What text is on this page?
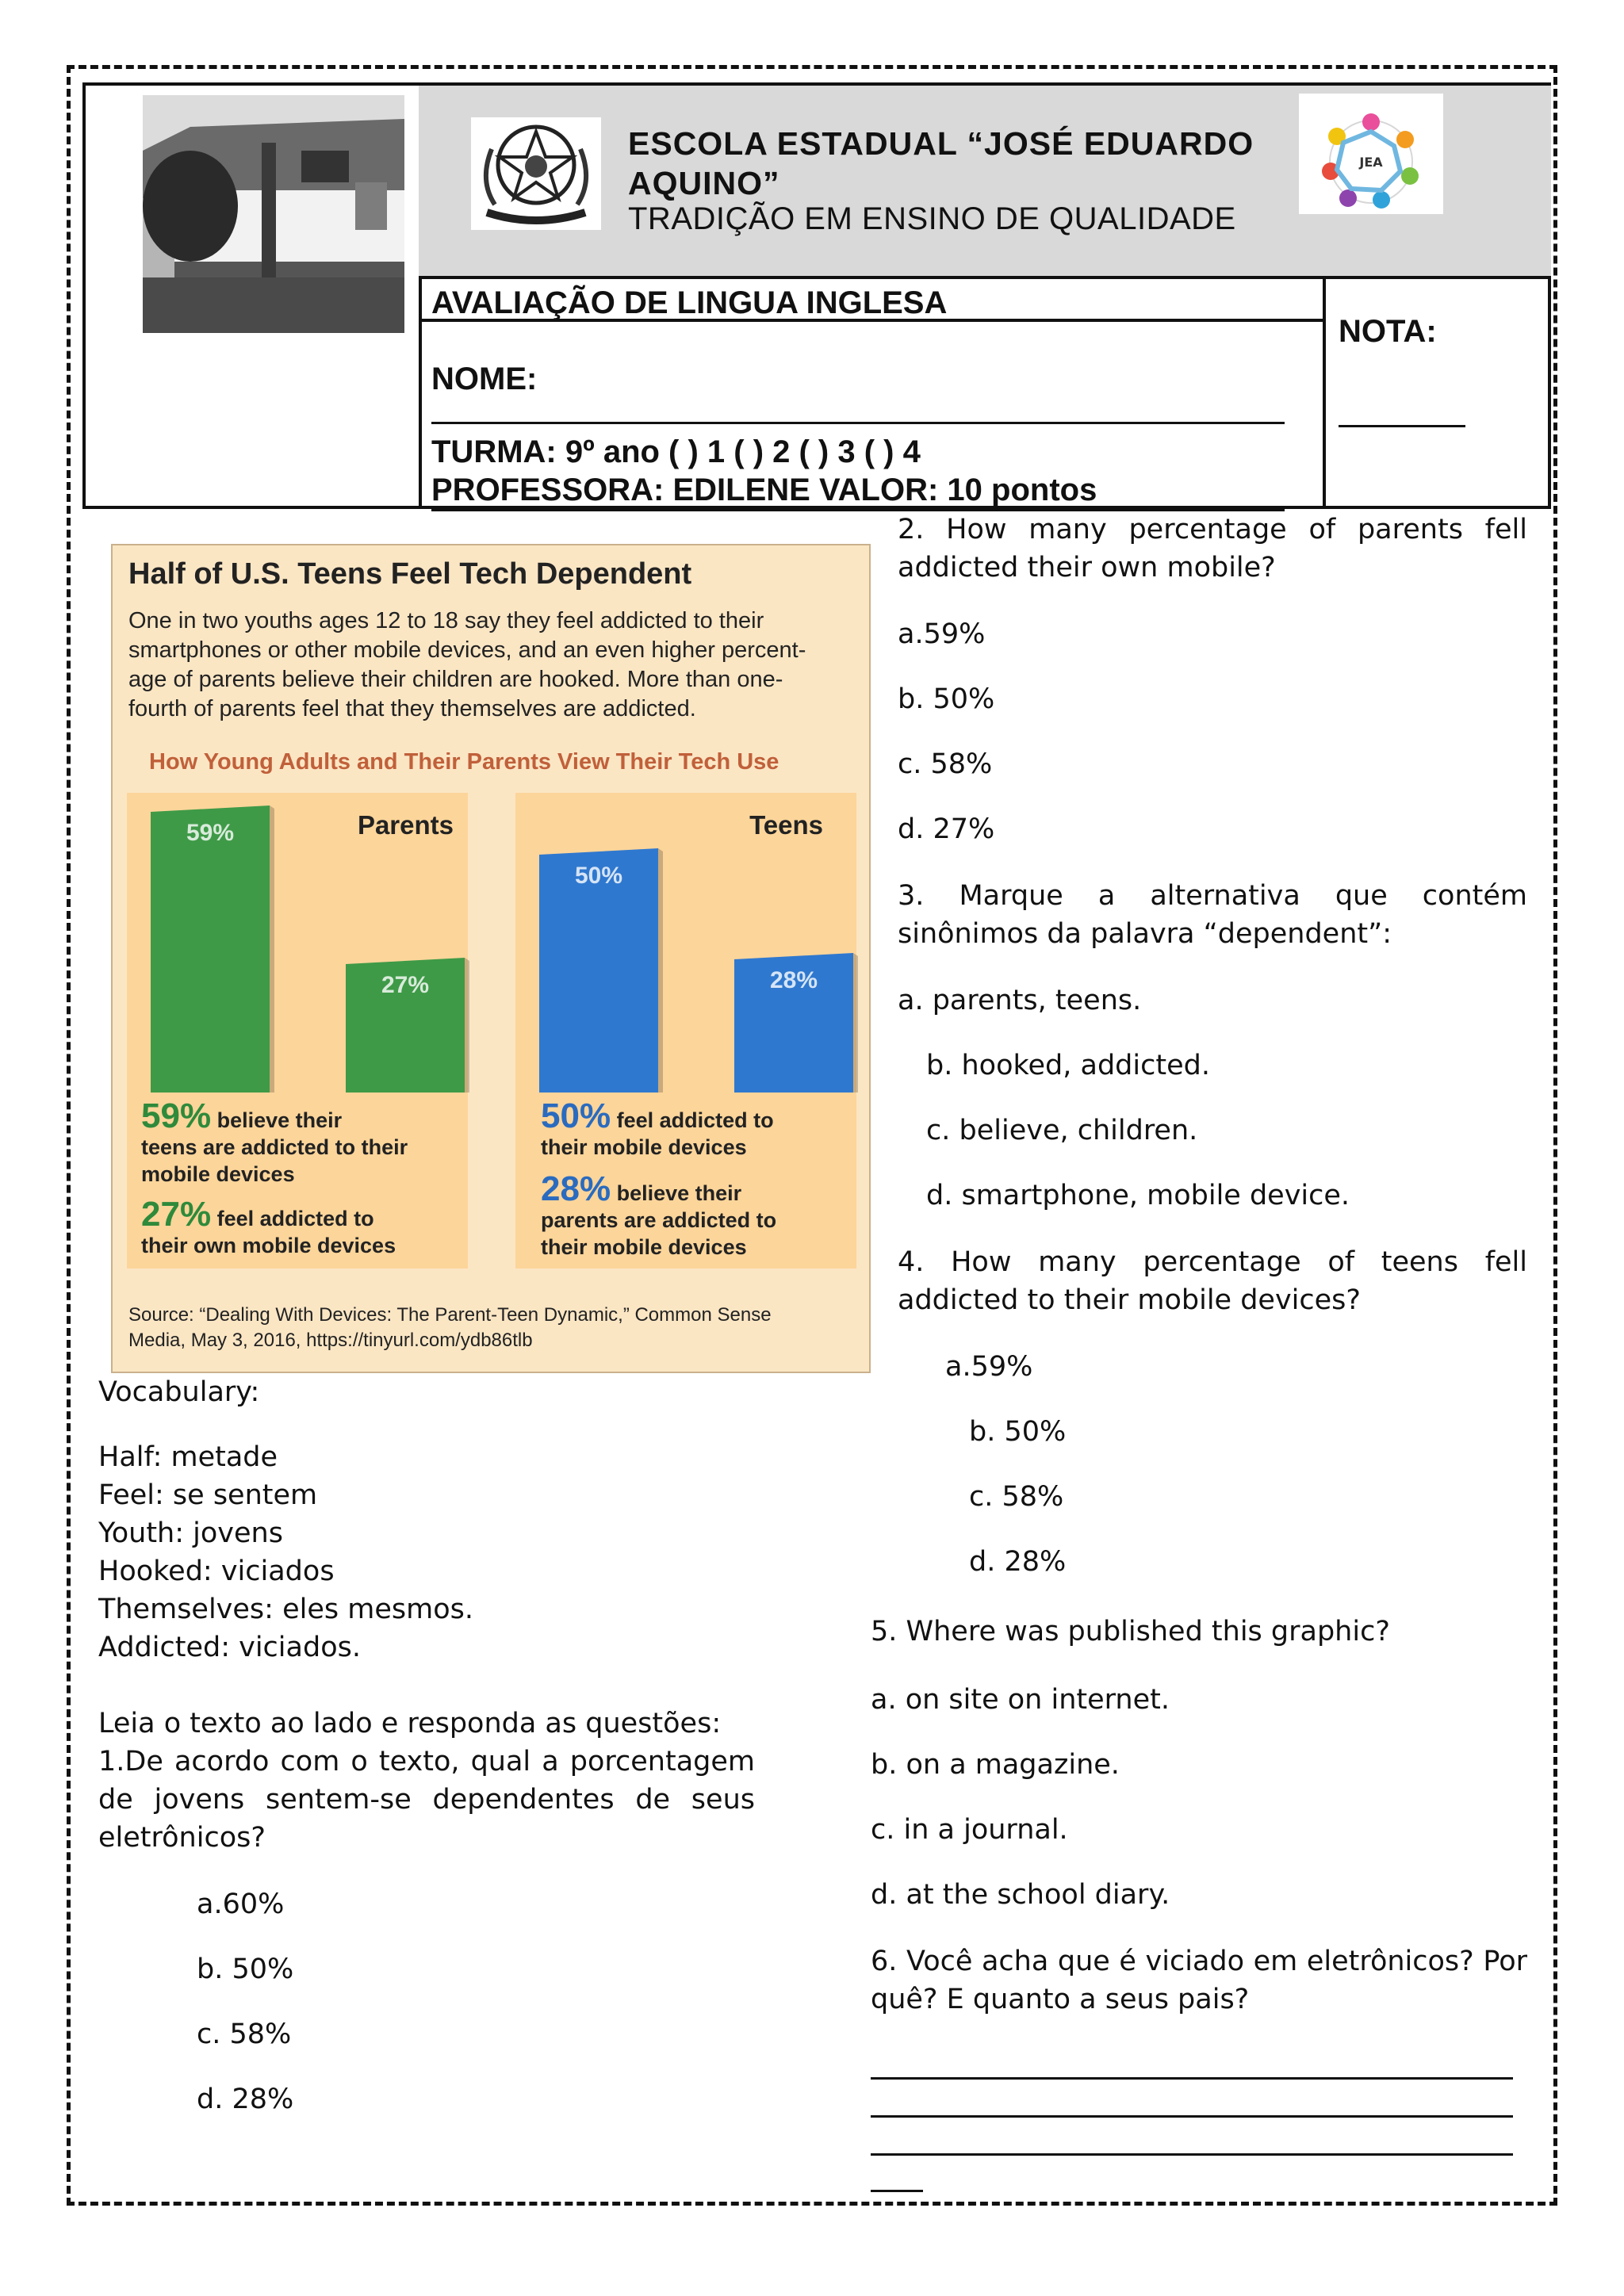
ESCOLA ESTADUAL “JOSÉ EDUARDO AQUINO”
TRADIÇÃO EM ENSINO DE QUALIDADE
JEA
AVALIAÇÃO DE LINGUA INGLESA
NOME:
TURMA: 9º ano ( ) 1 ( ) 2 ( ) 3 ( ) 4
PROFESSORA: EDILENE VALOR: 10 pontos
NOTA:
Half of U.S. Teens Feel Tech Dependent
One in two youths ages 12 to 18 say they feel addicted to their
smartphones or other mobile devices, and an even higher percent-
age of parents believe their children are hooked. More than one-
fourth of parents feel that they themselves are addicted.
How Young Adults and Their Parents View Their Tech Use
Parents	Teens
59%
27%
50%
28%
59% believe their
teens are addicted to their
mobile devices
27% feel addicted to
their own mobile devices
50% feel addicted to
their mobile devices
28% believe their
parents are addicted to
their mobile devices
Source: “Dealing With Devices: The Parent-Teen Dynamic,” Common Sense
Media, May 3, 2016, https://tinyurl.com/ydb86tlb
Vocabulary:
Half: metade
Feel: se sentem
Youth: jovens
Hooked: viciados
Themselves: eles mesmos.
Addicted: viciados.
Leia o texto ao lado e responda as questões:
1.De acordo com o texto, qual a porcentagem
de jovens sentem-se dependentes de seus
eletrônicos?
a.60%
b. 50%
c. 58%
d. 28%
2. How many percentage of parents fell
addicted their own mobile?
a.59%
b. 50%
c. 58%
d. 27%
3. Marque a alternativa que contém
sinônimos da palavra “dependent”:
a. parents, teens.
b. hooked, addicted.
c. believe, children.
d. smartphone, mobile device.
4. How many percentage of teens fell
addicted to their mobile devices?
a.59%
b. 50%
c. 58%
d. 28%
5. Where was published this graphic?
a. on site on internet.
b. on a magazine.
c. in a journal.
d. at the school diary.
6. Você acha que é viciado em eletrônicos? Por
quê? E quanto a seus pais?
